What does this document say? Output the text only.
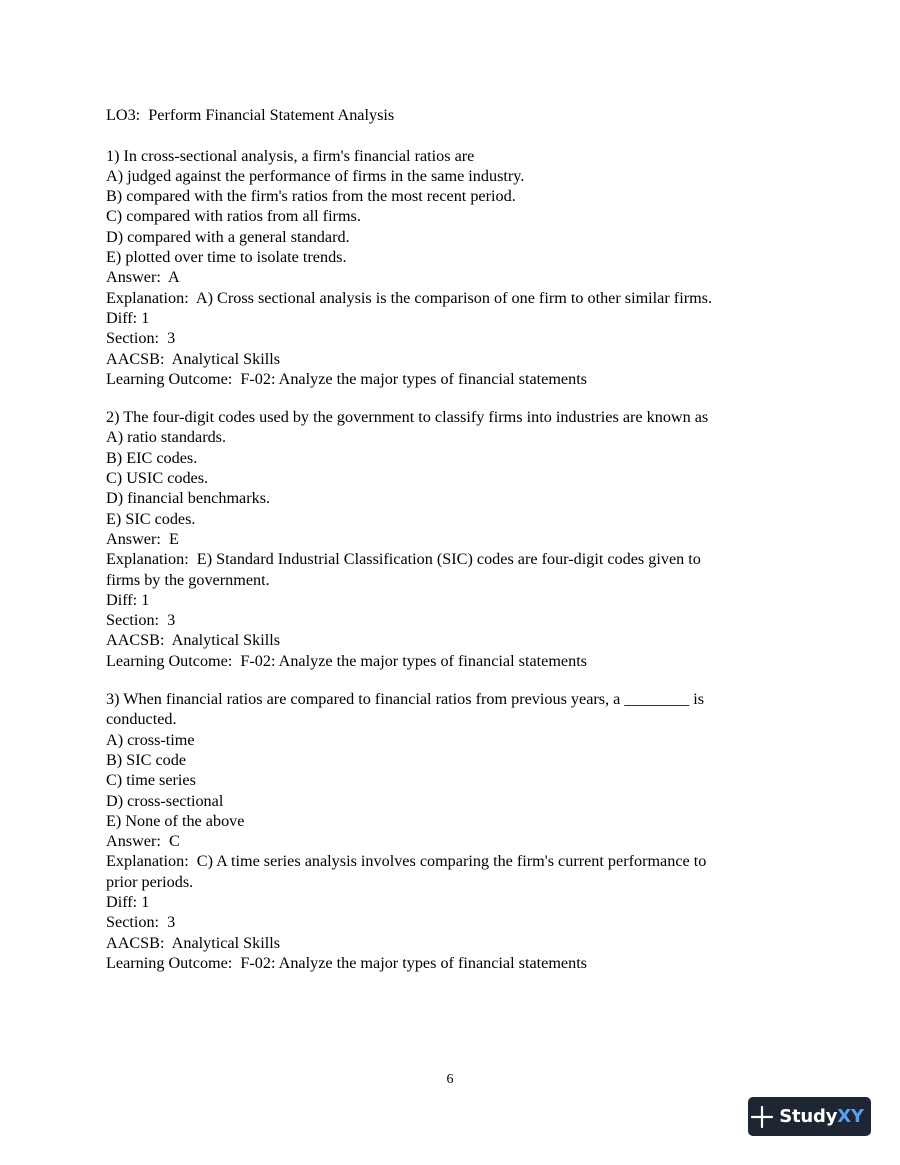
LO3:  Perform Financial Statement Analysis
1) In cross-sectional analysis, a firm's financial ratios are
A) judged against the performance of firms in the same industry.
B) compared with the firm's ratios from the most recent period.
C) compared with ratios from all firms.
D) compared with a general standard.
E) plotted over time to isolate trends.
Answer:  A
Explanation:  A) Cross sectional analysis is the comparison of one firm to other similar firms.
Diff: 1
Section:  3
AACSB:  Analytical Skills
Learning Outcome:  F-02: Analyze the major types of financial statements
2) The four-digit codes used by the government to classify firms into industries are known as
A) ratio standards.
B) EIC codes.
C) USIC codes.
D) financial benchmarks.
E) SIC codes.
Answer:  E
Explanation:  E) Standard Industrial Classification (SIC) codes are four-digit codes given to
firms by the government.
Diff: 1
Section:  3
AACSB:  Analytical Skills
Learning Outcome:  F-02: Analyze the major types of financial statements
3) When financial ratios are compared to financial ratios from previous years, a ________ is
conducted.
A) cross-time
B) SIC code
C) time series
D) cross-sectional
E) None of the above
Answer:  C
Explanation:  C) A time series analysis involves comparing the firm's current performance to
prior periods.
Diff: 1
Section:  3
AACSB:  Analytical Skills
Learning Outcome:  F-02: Analyze the major types of financial statements
6
StudyXY
